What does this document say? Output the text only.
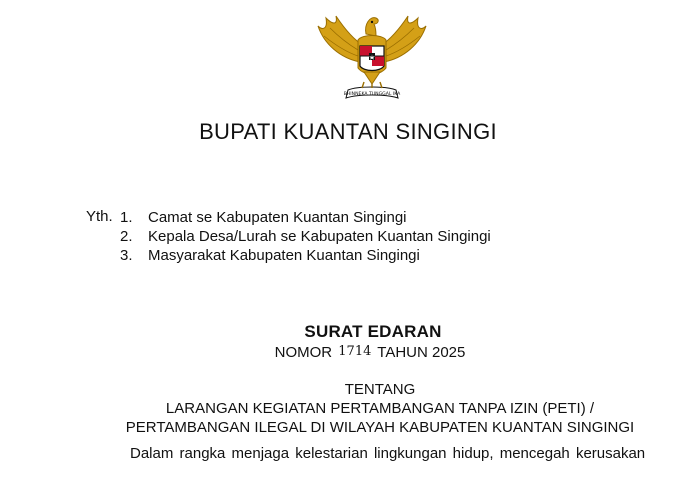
BHINNEKA TUNGGAL IKA
BUPATI KUANTAN SINGINGI
Yth. 1. Camat se Kabupaten Kuantan Singingi
2. Kepala Desa/Lurah se Kabupaten Kuantan Singingi
3. Masyarakat Kabupaten Kuantan Singingi
SURAT EDARAN
NOMOR 1714 TAHUN 2025
TENTANG
LARANGAN KEGIATAN PERTAMBANGAN TANPA IZIN (PETI) /
PERTAMBANGAN ILEGAL DI WILAYAH KABUPATEN KUANTAN SINGINGI
Dalam rangka menjaga kelestarian lingkungan hidup, mencegah kerusakan
